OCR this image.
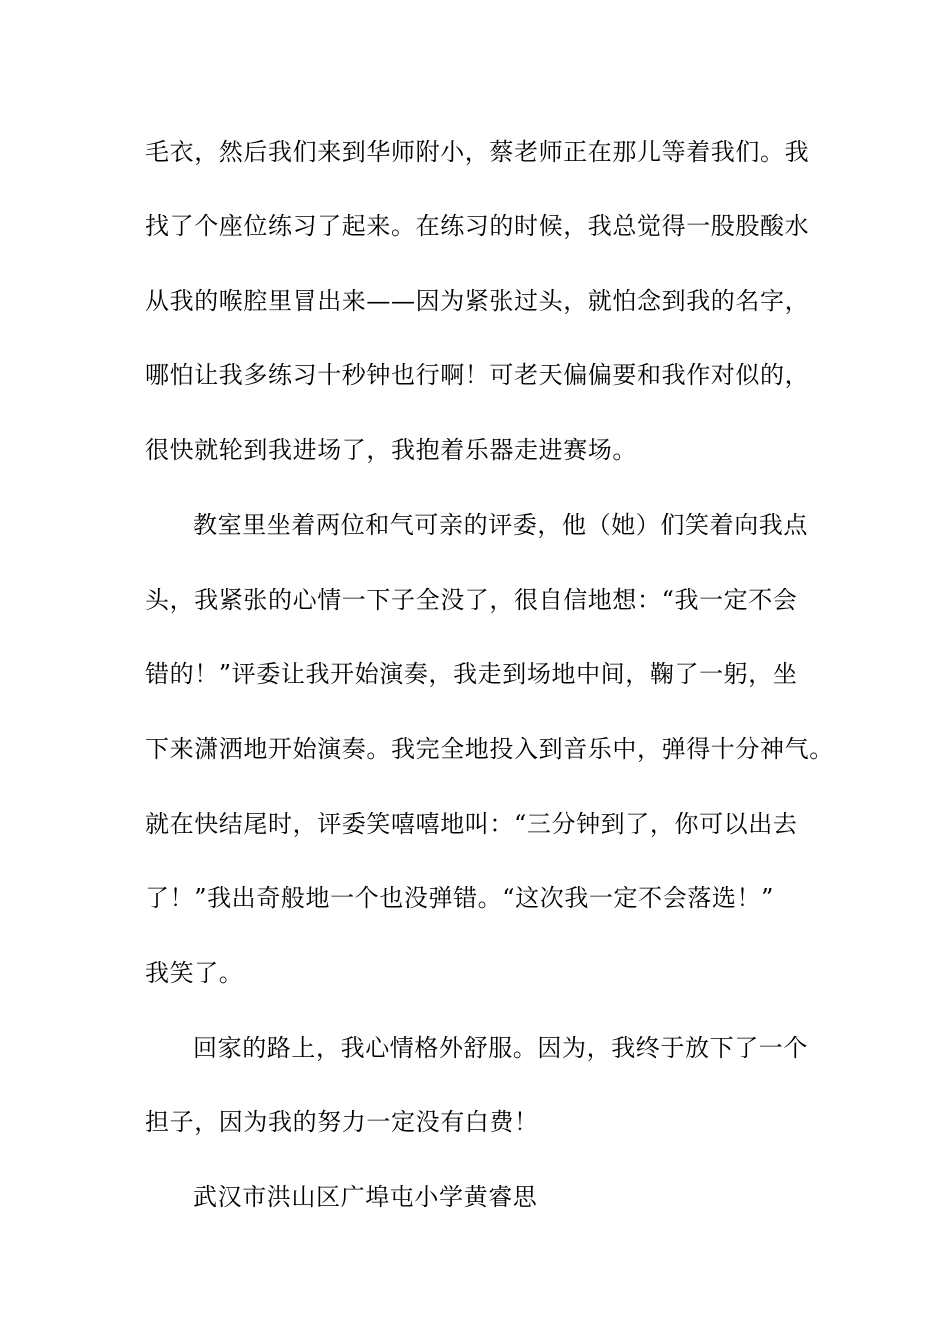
毛衣，然后我们来到华师附小，蔡老师正在那儿等着我们。我
找了个座位练习了起来。在练习的时候，我总觉得一股股酸水
从我的喉腔里冒出来——因为紧张过头，就怕念到我的名字，
哪怕让我多练习十秒钟也行啊！可老天偏偏要和我作对似的，
很快就轮到我进场了，我抱着乐器走进赛场。
教室里坐着两位和气可亲的评委，他（她）们笑着向我点
头，我紧张的心情一下子全没了，很自信地想：“我一定不会
错的！”评委让我开始演奏，我走到场地中间，鞠了一躬，坐
下来潇洒地开始演奏。我完全地投入到音乐中，弹得十分神气。
就在快结尾时，评委笑嘻嘻地叫：“三分钟到了，你可以出去
了！”我出奇般地一个也没弹错。“这次我一定不会落选！”
我笑了。
回家的路上，我心情格外舒服。因为，我终于放下了一个
担子，因为我的努力一定没有白费！
武汉市洪山区广埠屯小学黄睿思
